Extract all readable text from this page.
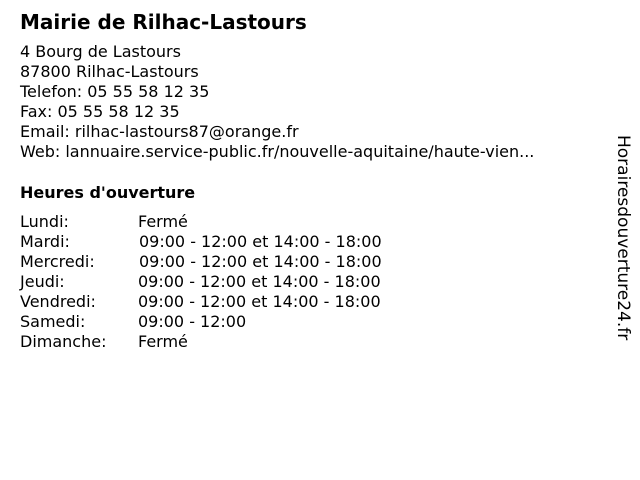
Mairie de Rilhac-Lastours
4 Bourg de Lastours
87800 Rilhac-Lastours
Telefon: 05 55 58 12 35
Fax: 05 55 58 12 35
Email: rilhac-lastours87@orange.fr
Web: lannuaire.service-public.fr/nouvelle-aquitaine/haute-vien...
Heures d'ouverture
Lundi:	Fermé
Mardi:	09:00 - 12:00 et 14:00 - 18:00
Mercredi:	09:00 - 12:00 et 14:00 - 18:00
Jeudi:	09:00 - 12:00 et 14:00 - 18:00
Vendredi:	09:00 - 12:00 et 14:00 - 18:00
Samedi:	09:00 - 12:00
Dimanche: Fermé
Horairesdouverture24.fr
